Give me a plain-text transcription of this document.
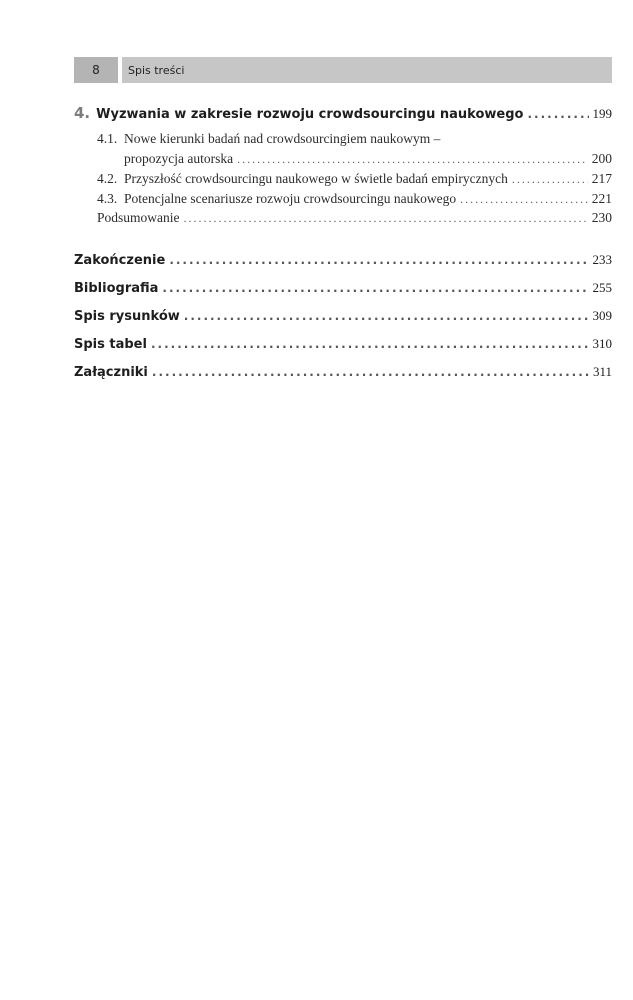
8	Spis treści
4. Wyzwania w zakresie rozwoju crowdsourcingu naukowego .....	199
4.1. Nowe kierunki badań nad crowdsourcingiem naukowym –
propozycja autorska .....	200
4.2. Przyszłość crowdsourcingu naukowego w świetle badań empirycznych .....	217
4.3. Potencjalne scenariusze rozwoju crowdsourcingu naukowego .....	221
Podsumowanie .....	230
Zakończenie .....	233
Bibliografia .....	255
Spis rysunków .....	309
Spis tabel .....	310
Załączniki .....	311
